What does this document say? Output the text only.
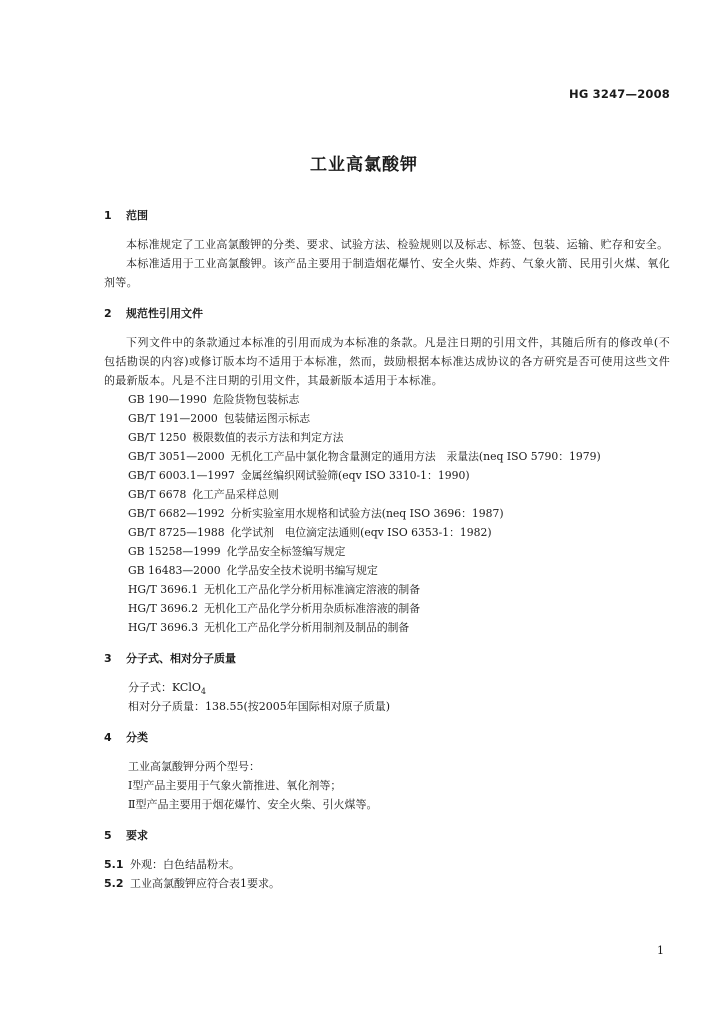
HG 3247—2008
工业高氯酸钾
1 范围

本标准规定了工业高氯酸钾的分类、要求、试验方法、检验规则以及标志、标签、包装、运输、贮存和安全。

本标准适用于工业高氯酸钾。该产品主要用于制造烟花爆竹、安全火柴、炸药、气象火箭、民用引火煤、氧化剂等。

2 规范性引用文件

下列文件中的条款通过本标准的引用而成为本标准的条款。凡是注日期的引用文件，其随后所有的修改单(不包括勘误的内容)或修订版本均不适用于本标准，然而，鼓励根据本标准达成协议的各方研究是否可使用这些文件的最新版本。凡是不注日期的引用文件，其最新版本适用于本标准。

GB 190—1990 危险货物包装标志
GB/T 191—2000 包装储运图示标志
GB/T 1250 极限数值的表示方法和判定方法
GB/T 3051—2000 无机化工产品中氯化物含量测定的通用方法　汞量法(neq ISO 5790：1979)
GB/T 6003.1—1997 金属丝编织网试验筛(eqv ISO 3310-1：1990)
GB/T 6678 化工产品采样总则
GB/T 6682—1992 分析实验室用水规格和试验方法(neq ISO 3696：1987)
GB/T 8725—1988 化学试剂　电位滴定法通则(eqv ISO 6353-1：1982)
GB 15258—1999 化学品安全标签编写规定
GB 16483—2000 化学品安全技术说明书编写规定
HG/T 3696.1 无机化工产品化学分析用标准滴定溶液的制备
HG/T 3696.2 无机化工产品化学分析用杂质标准溶液的制备
HG/T 3696.3 无机化工产品化学分析用制剂及制品的制备
3 分子式、相对分子质量
分子式：KClO$_4$
相对分子质量：138.55(按2005年国际相对原子质量)
4 分类
工业高氯酸钾分两个型号：
Ⅰ型产品主要用于气象火箭推进、氧化剂等；
Ⅱ型产品主要用于烟花爆竹、安全火柴、引火煤等。
5 要求
5.1 外观：白色结晶粉末。
5.2 工业高氯酸钾应符合表1要求。
1
